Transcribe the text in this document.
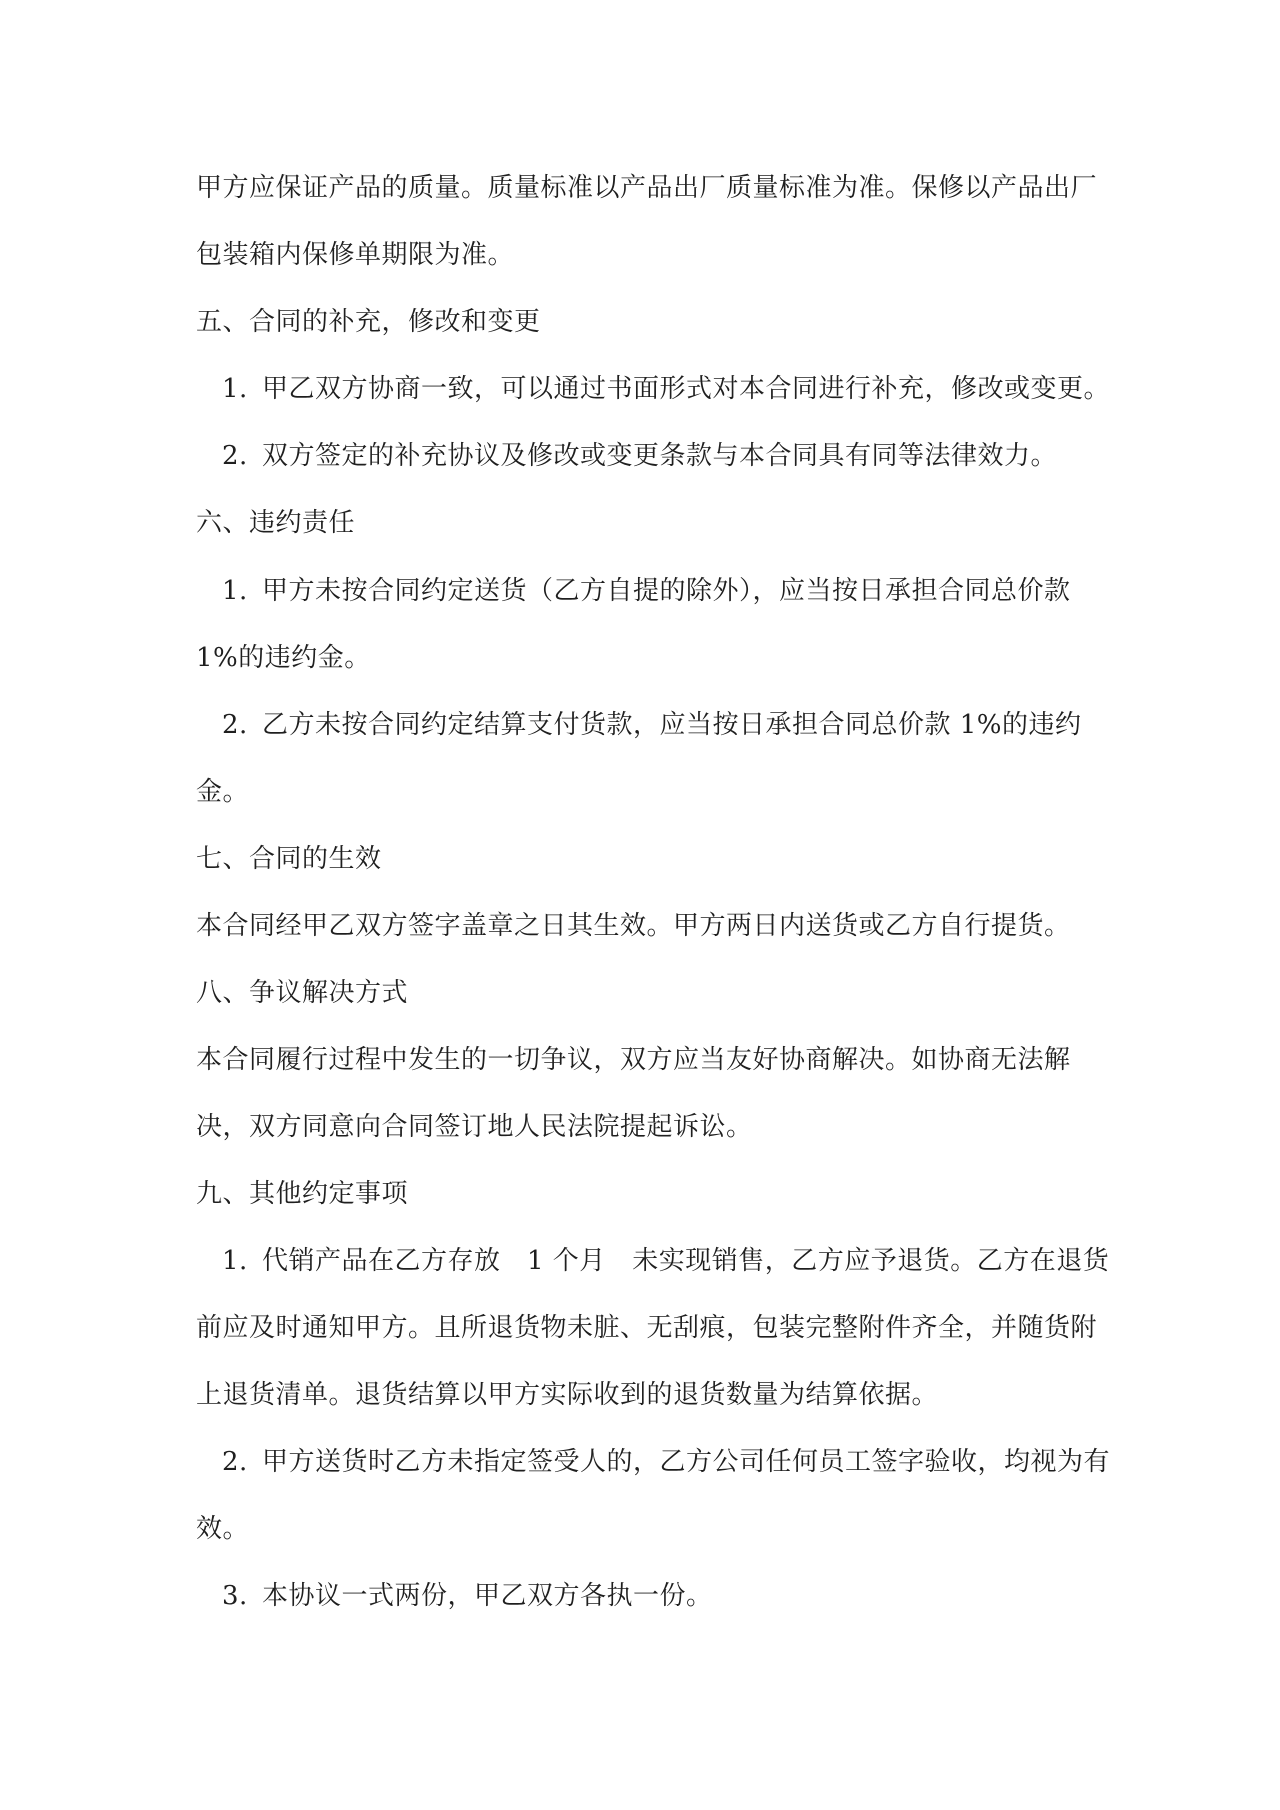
甲方应保证产品的质量。质量标准以产品出厂质量标准为准。保修以产品出厂
包装箱内保修单期限为准。
五、合同的补充，修改和变更
1. 甲乙双方协商一致，可以通过书面形式对本合同进行补充，修改或变更。
2. 双方签定的补充协议及修改或变更条款与本合同具有同等法律效力。
六、违约责任
1. 甲方未按合同约定送货（乙方自提的除外），应当按日承担合同总价款
1%的违约金。
2. 乙方未按合同约定结算支付货款，应当按日承担合同总价款 1%的违约
金。
七、合同的生效
本合同经甲乙双方签字盖章之日其生效。甲方两日内送货或乙方自行提货。
八、争议解决方式
本合同履行过程中发生的一切争议，双方应当友好协商解决。如协商无法解
决，双方同意向合同签订地人民法院提起诉讼。
九、其他约定事项
1. 代销产品在乙方存放　1 个月　未实现销售，乙方应予退货。乙方在退货
前应及时通知甲方。且所退货物未脏、无刮痕，包装完整附件齐全，并随货附
上退货清单。退货结算以甲方实际收到的退货数量为结算依据。
2. 甲方送货时乙方未指定签受人的，乙方公司任何员工签字验收，均视为有
效。
3. 本协议一式两份，甲乙双方各执一份。
